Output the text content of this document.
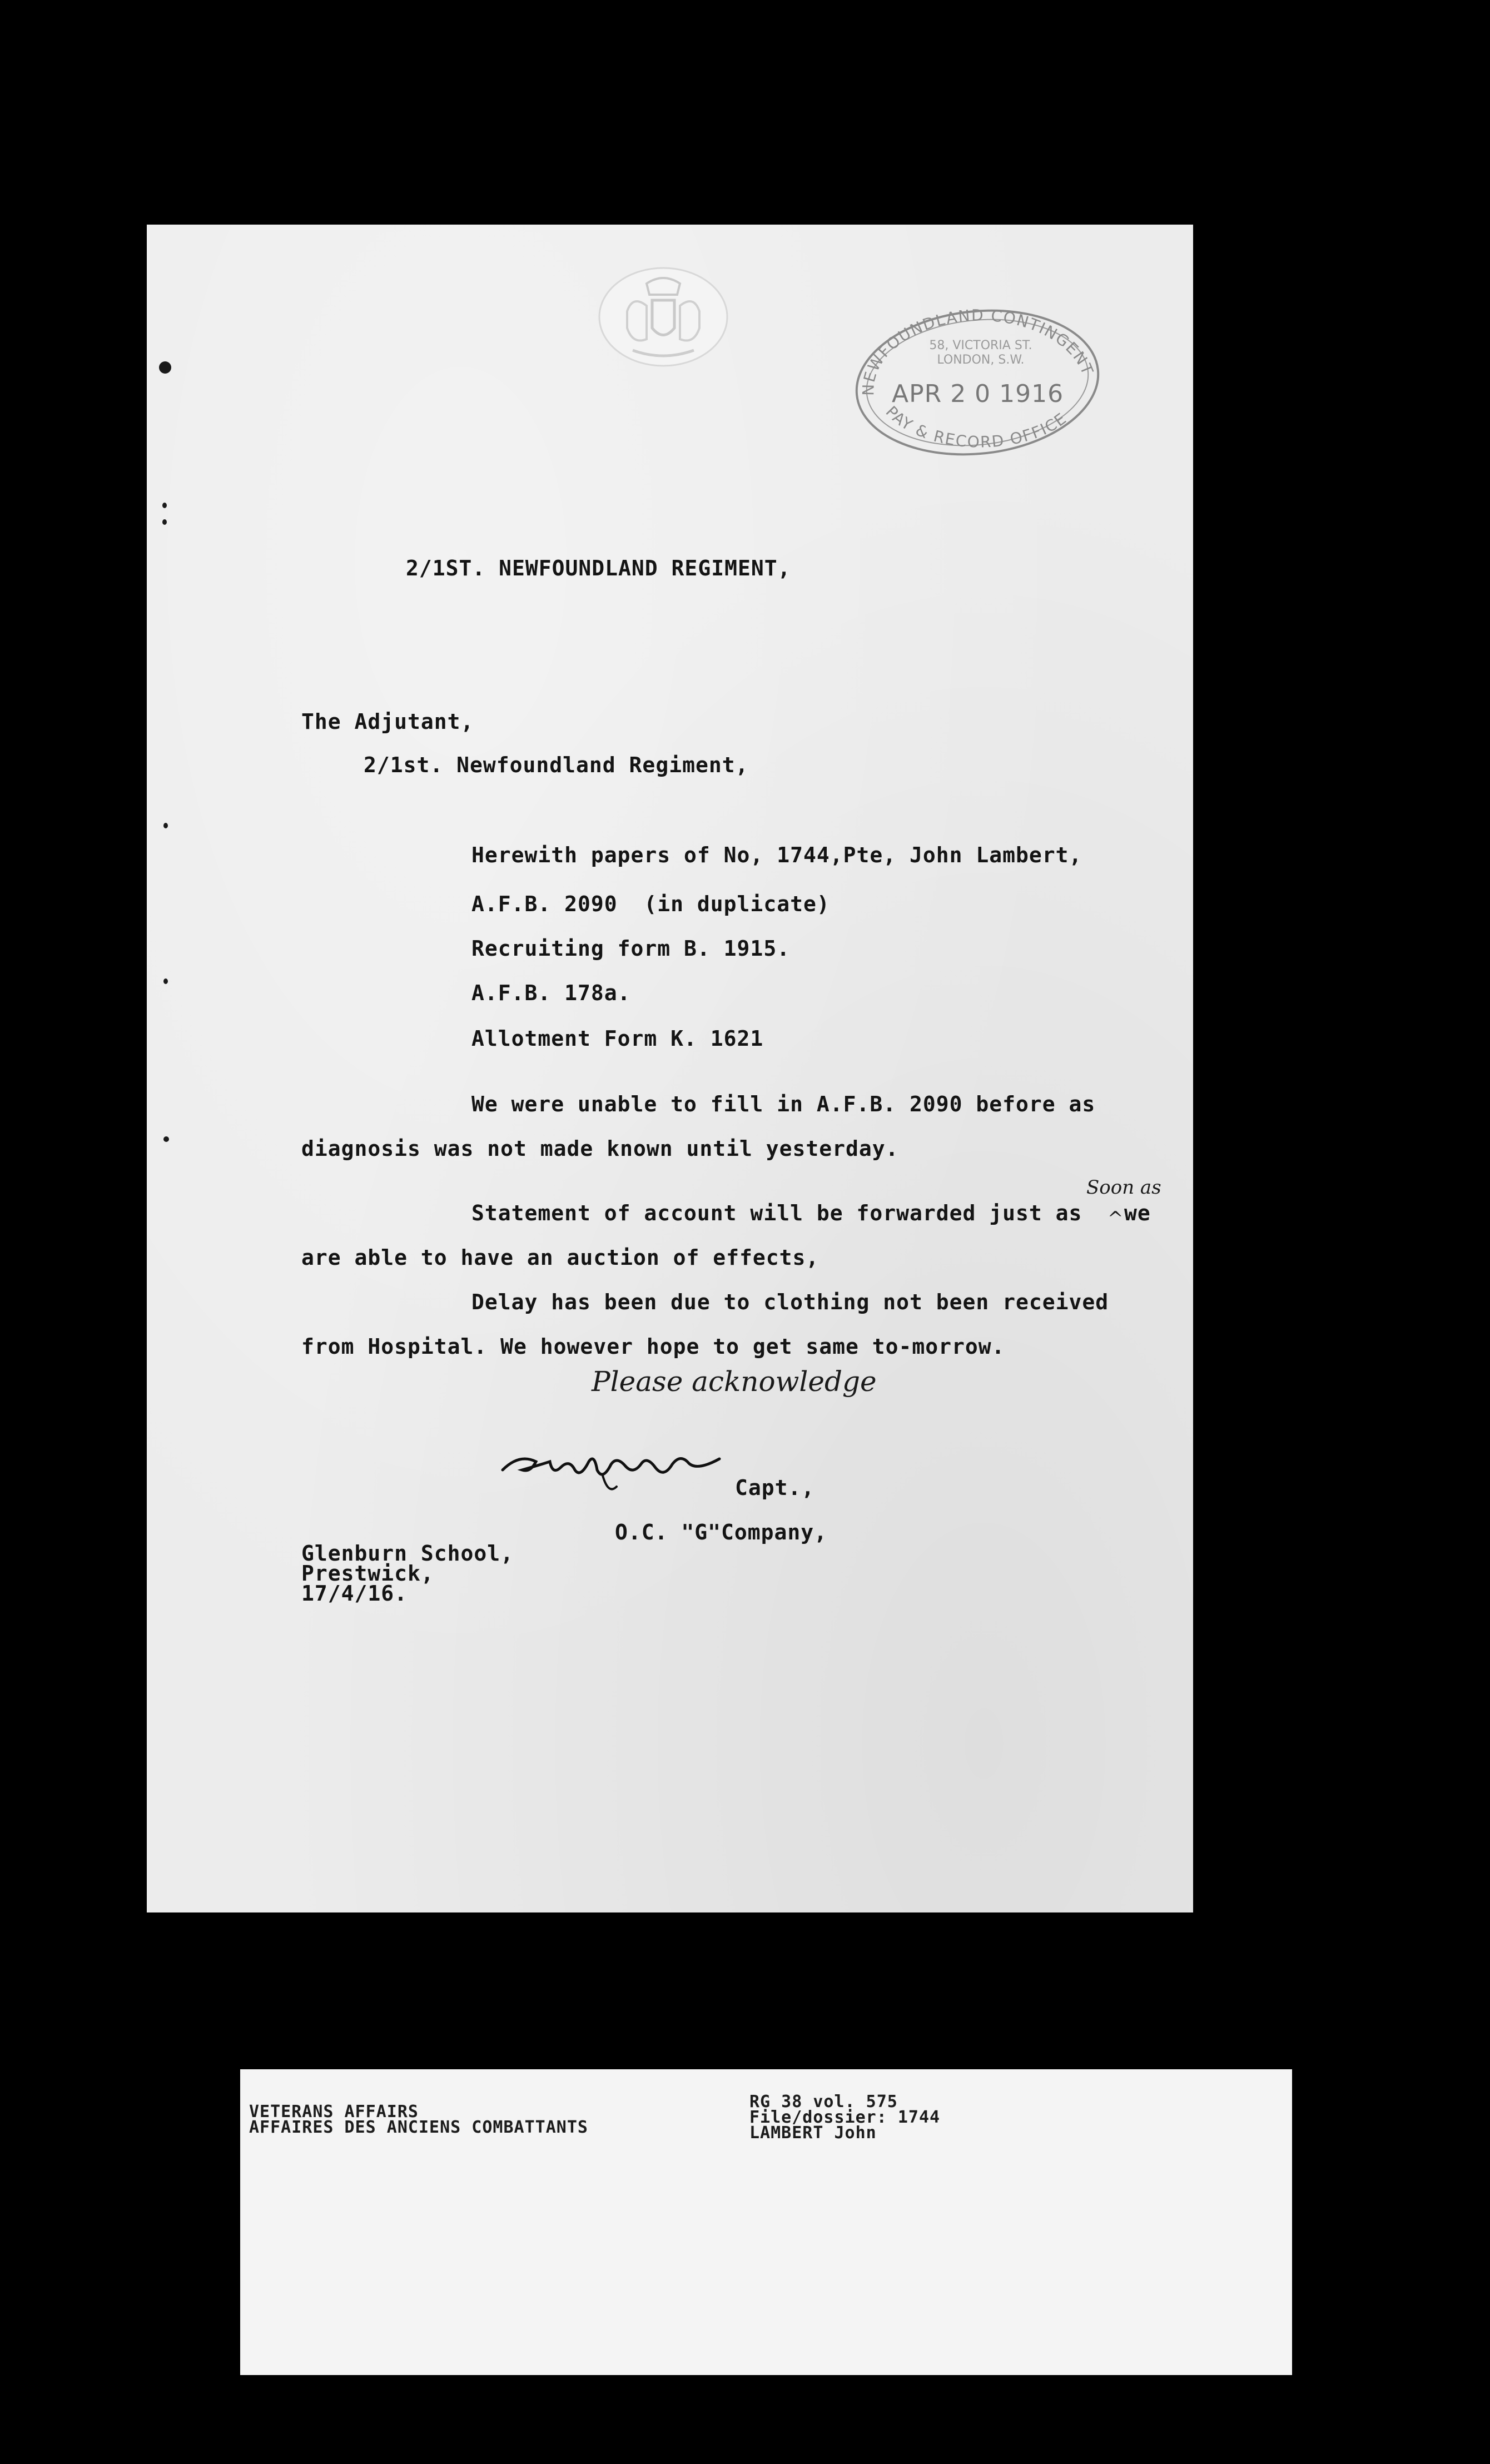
NEWFOUNDLAND CONTINGENT
PAY & RECORD OFFICE
58, VICTORIA ST.
LONDON, S.W.
APR 2 0 1916
2/1ST. NEWFOUNDLAND REGIMENT,
The Adjutant,
2/1st. Newfoundland Regiment,
Herewith papers of No, 1744,Pte, John Lambert,
A.F.B. 2090  (in duplicate)
Recruiting form B. 1915.
A.F.B. 178a.
Allotment Form K. 1621
We were unable to fill in A.F.B. 2090 before as
diagnosis was not made known until yesterday.
Statement of account will be forwarded just as
Soon as
^ we
are able to have an auction of effects,
Delay has been due to clothing not been received
from Hospital. We however hope to get same to-morrow.
Please acknowledge
Capt.,
O.C. "G"Company,
Glenburn School,
Prestwick,
17/4/16.
VETERANS AFFAIRS
AFFAIRES DES ANCIENS COMBATTANTS
RG 38 vol. 575
File/dossier: 1744
LAMBERT John
